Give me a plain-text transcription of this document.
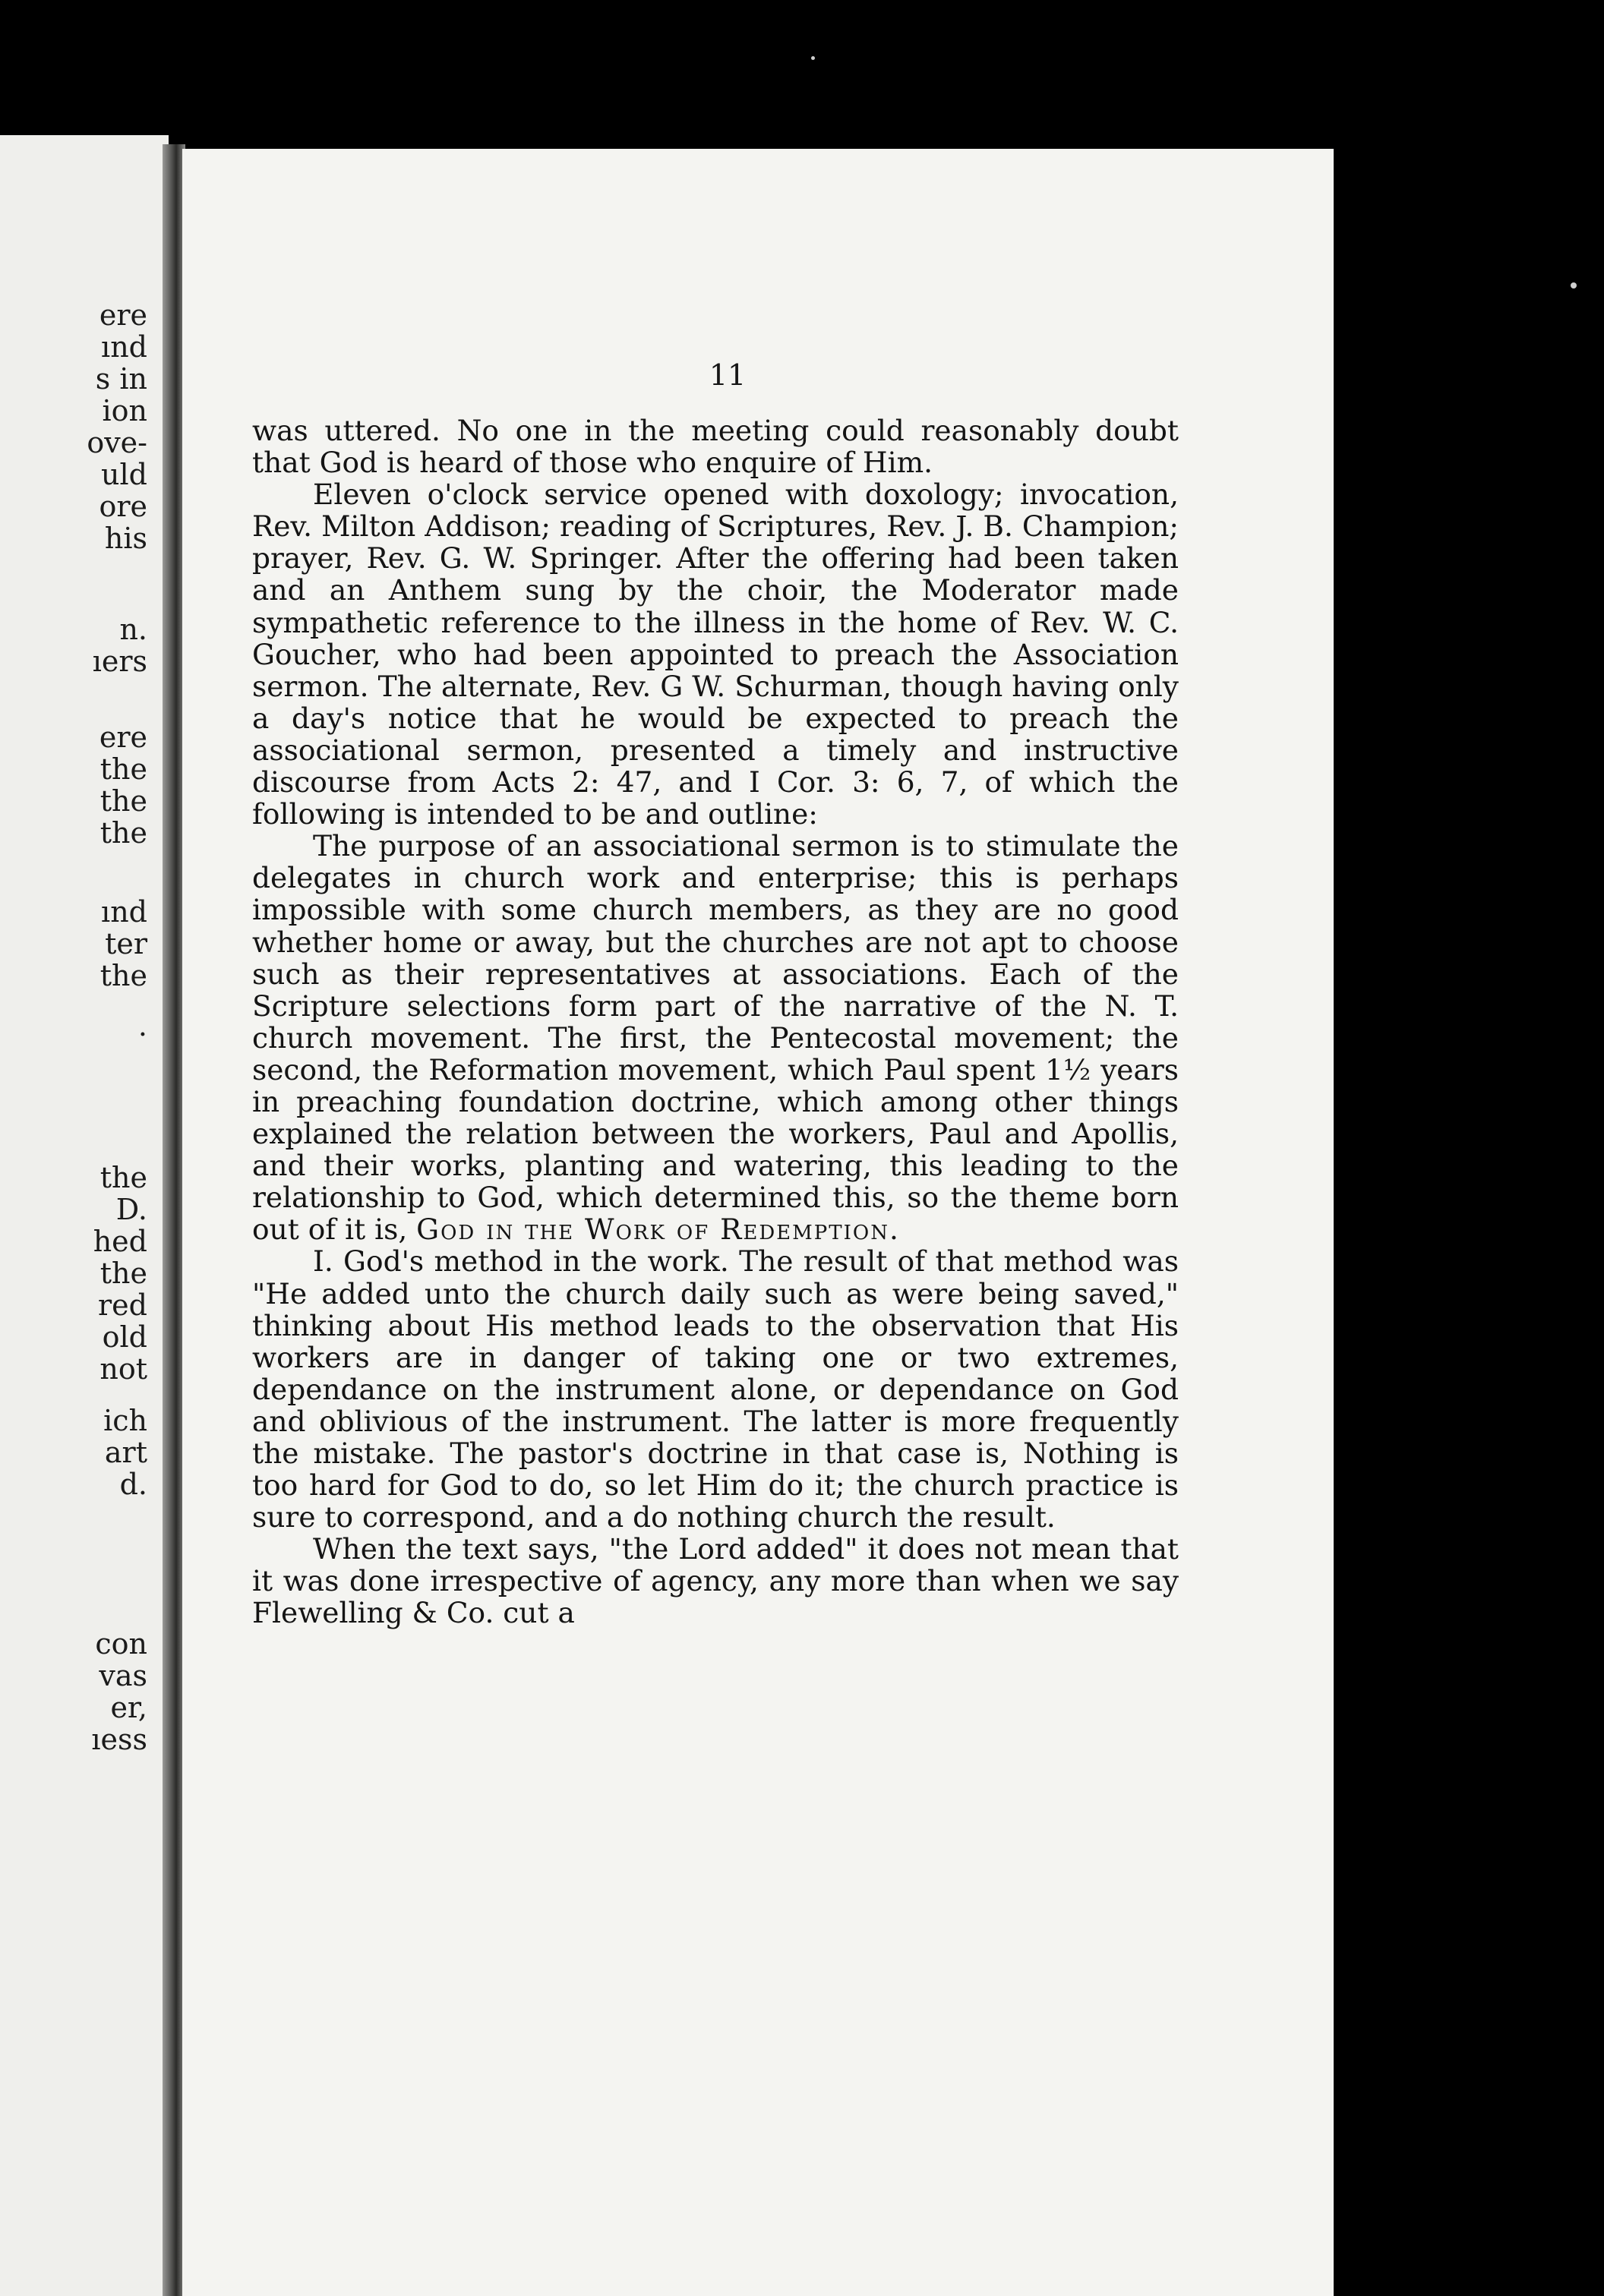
ere
ınd
s in
ion
ove-
uld
ore
his
n.
ıers
ere
the
the
the
ınd
ter
the
.
the
D.
hed
the
red
old
not
ich
art
d.
con
vas
er,
ıess
11

was uttered. No one in the meeting could reasonably doubt that God is heard of those who enquire of Him.

Eleven o'clock service opened with doxology; invocation, Rev. Milton Addison; reading of Scriptures, Rev. J. B. Champion; prayer, Rev. G. W. Springer. After the offering had been taken and an Anthem sung by the choir, the Moderator made sympathetic reference to the illness in the home of Rev. W. C. Goucher, who had been appointed to preach the Association sermon. The alternate, Rev. G W. Schurman, though having only a day's notice that he would be expected to preach the associational sermon, presented a timely and instructive discourse from Acts 2: 47, and I Cor. 3: 6, 7, of which the following is intended to be and outline:

The purpose of an associational sermon is to stimulate the delegates in church work and enterprise; this is perhaps impossible with some church members, as they are no good whether home or away, but the churches are not apt to choose such as their representatives at associations. Each of the Scripture selections form part of the narrative of the N. T. church movement. The first, the Pentecostal movement; the second, the Reformation movement, which Paul spent 1½ years in preaching foundation doctrine, which among other things explained the relation between the workers, Paul and Apollis, and their works, planting and watering, this leading to the relationship to God, which determined this, so the theme born out of it is, God in the Work of Redemption.

I. God's method in the work. The result of that method was "He added unto the church daily such as were being saved," thinking about His method leads to the observation that His workers are in danger of taking one or two extremes, dependance on the instrument alone, or dependance on God and oblivious of the instrument. The latter is more frequently the mistake. The pastor's doctrine in that case is, Nothing is too hard for God to do, so let Him do it; the church practice is sure to correspond, and a do nothing church the result.

When the text says, "the Lord added" it does not mean that it was done irrespective of agency, any more than when we say Flewelling & Co. cut a
